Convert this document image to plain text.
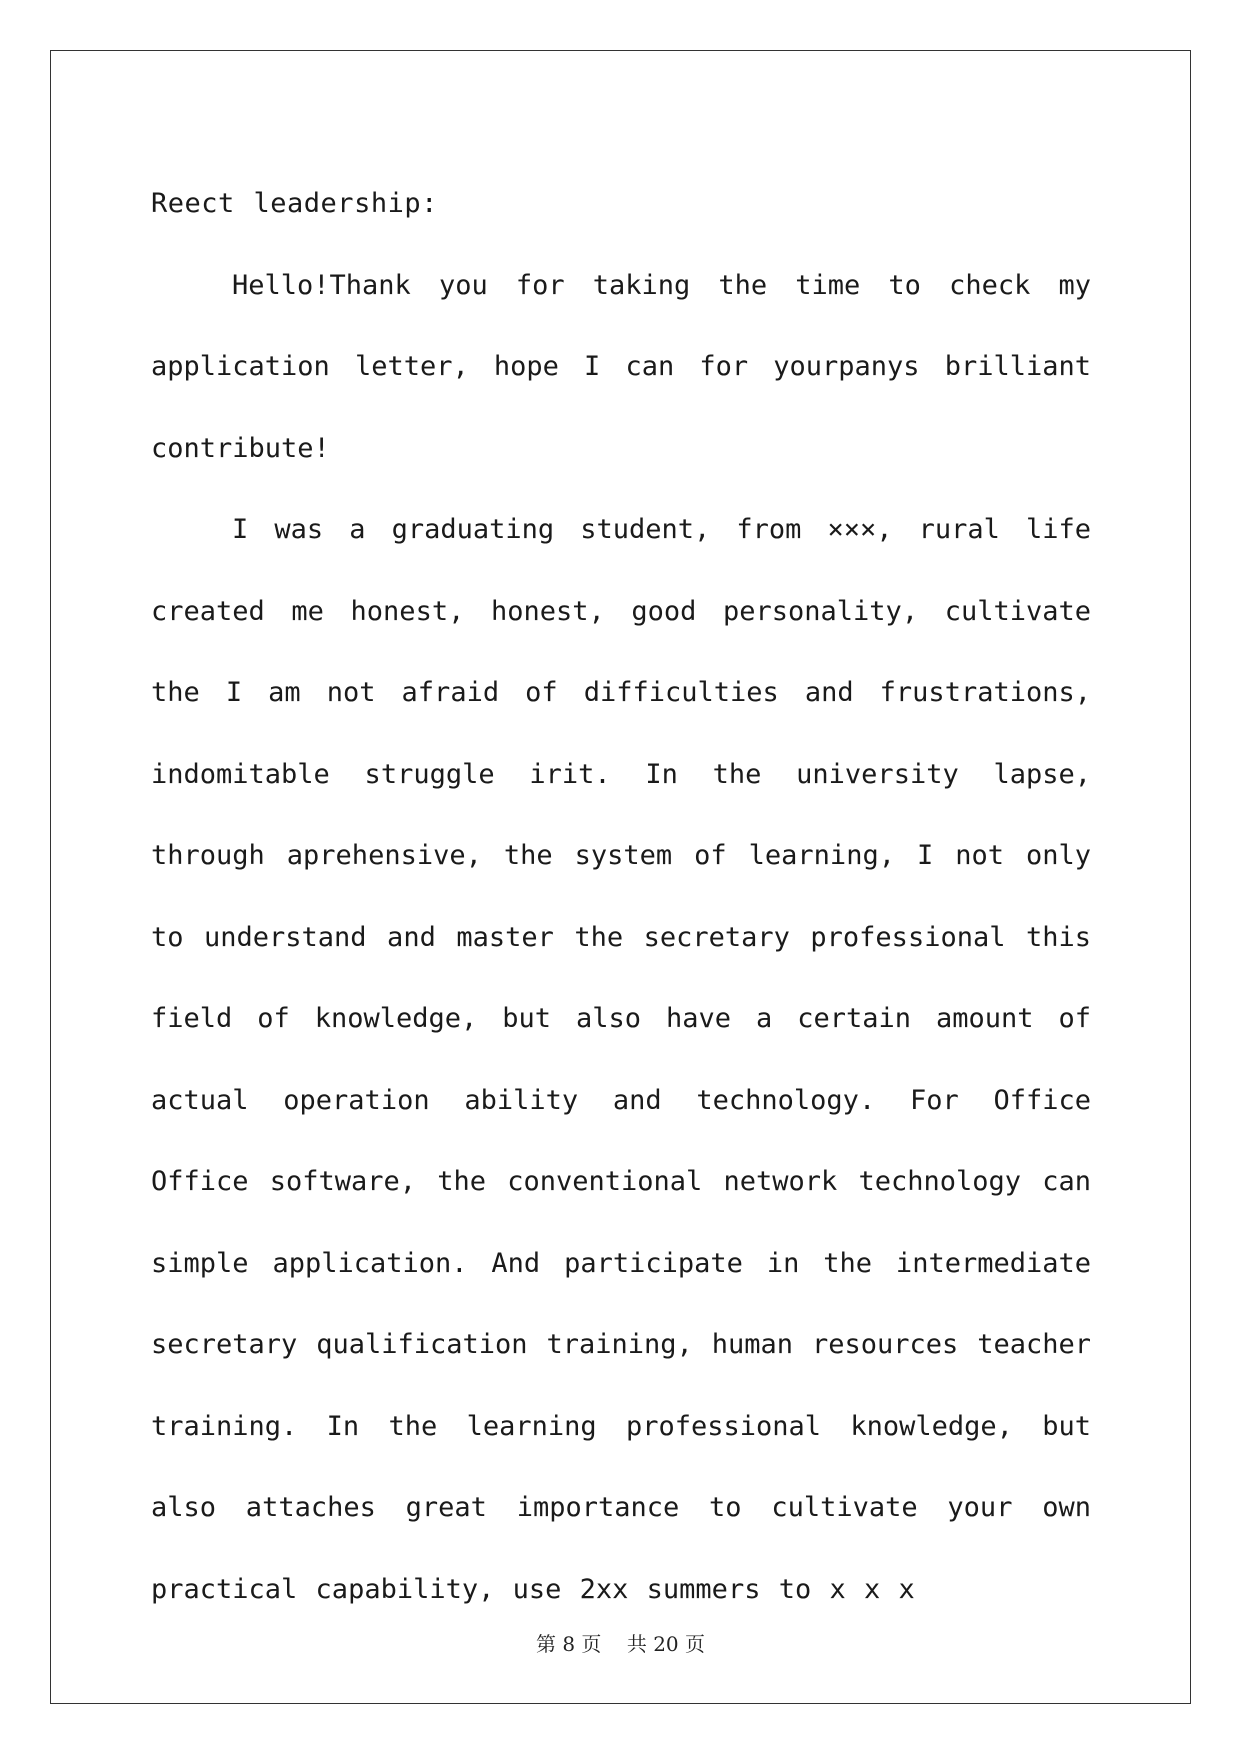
Reect leadership:

Hello!Thank you for taking the time to check my application letter, hope I can for yourpanys brilliant contribute!

I was a graduating student, from ×××, rural life created me honest, honest, good personality, cultivate the I am not afraid of difficulties and frustrations, indomitable struggle irit. In the university lapse, through aprehensive, the system of learning, I not only to understand and master the secretary professional this field of knowledge, but also have a certain amount of actual operation ability and technology. For Office Office software, the conventional network technology can simple application. And participate in the intermediate secretary qualification training, human resources teacher training. In the learning professional knowledge, but also attaches great importance to cultivate your own practical capability, use 2xx summers to x x x

第 8 页    共 20 页
